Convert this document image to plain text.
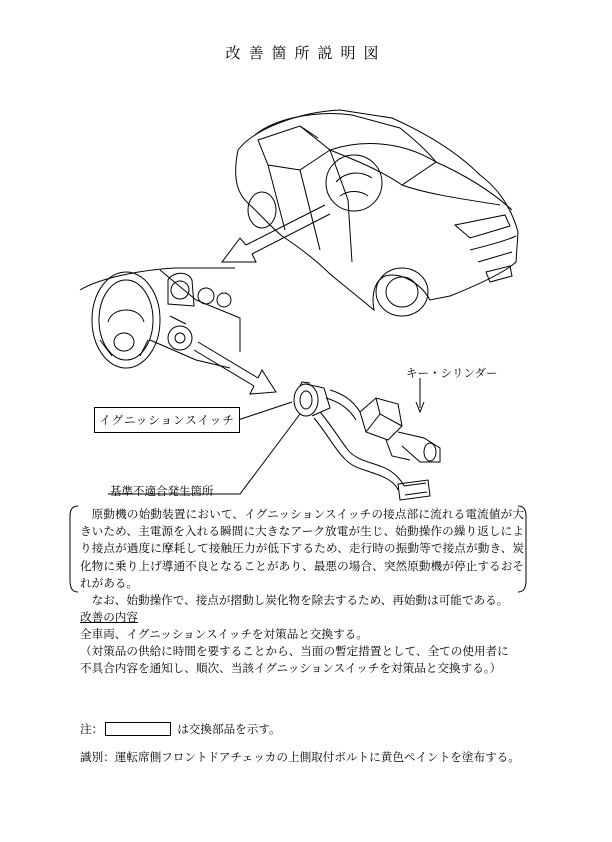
改善箇所説明図
イグニッションスイッチ
キー・シリンダー
基準不適合発生箇所

原動機の始動装置において、イグニッションスイッチの接点部に流れる電流値が大きいため、主電源を入れる瞬間に大きなアーク放電が生じ、始動操作の繰り返しにより接点が過度に摩耗して接触圧力が低下するため、走行時の振動等で接点が動き、炭化物に乗り上げ導通不良となることがあり、最悪の場合、突然原動機が停止するおそれがある。

なお、始動操作で、接点が摺動し炭化物を除去するため、再始動は可能である。

改善の内容
全車両、イグニッションスイッチを対策品と交換する。
（対策品の供給に時間を要することから、当面の暫定措置として、全ての使用者に
不具合内容を通知し、順次、当該イグニッションスイッチを対策品と交換する。）
注：	は交換部品を示す。
識別：運転席側フロントドアチェッカの上側取付ボルトに黄色ペイントを塗布する。
